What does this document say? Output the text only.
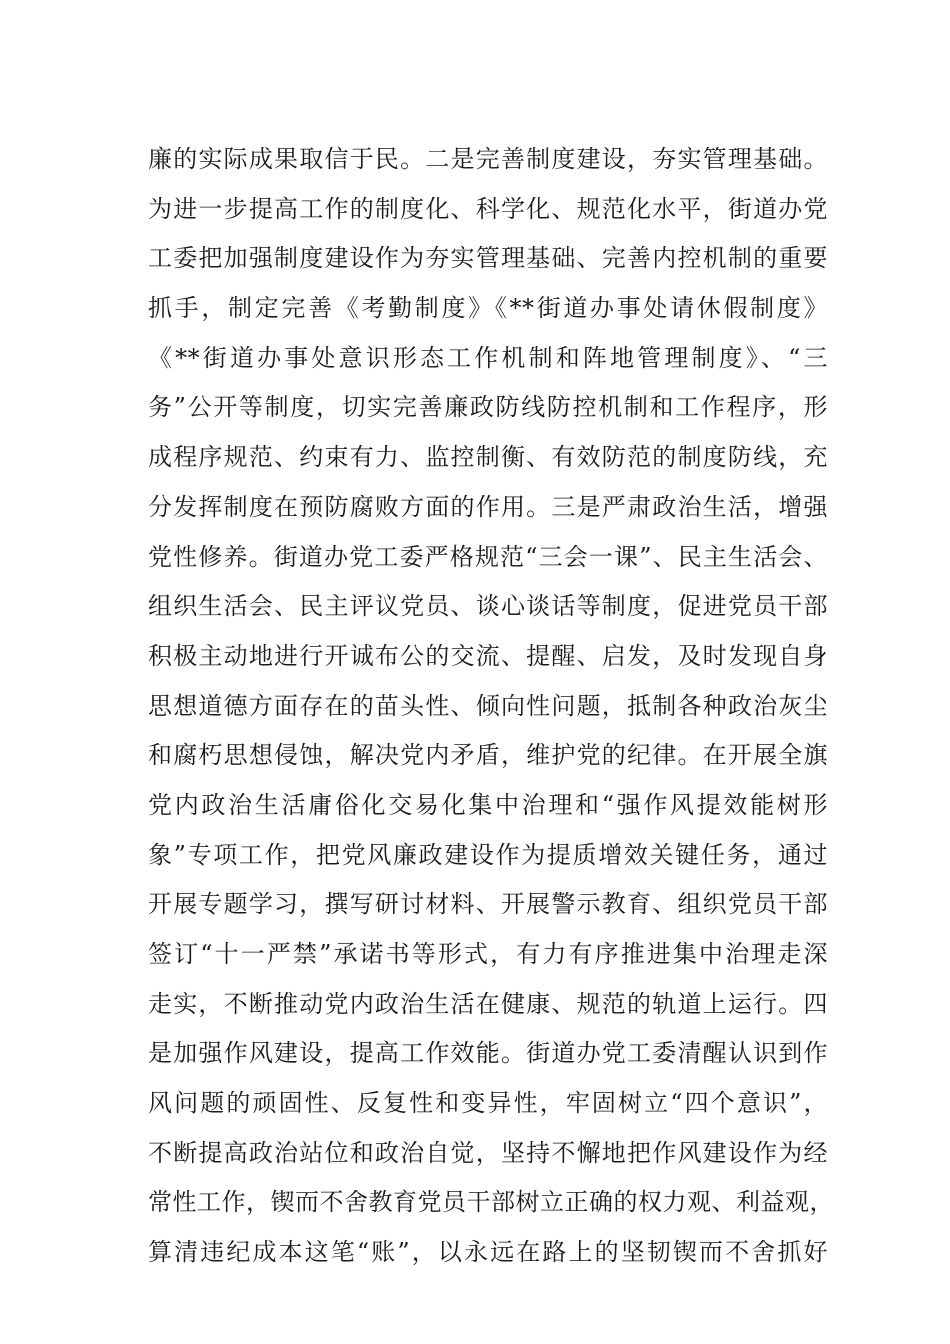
廉的实际成果取信于民。二是完善制度建设，夯实管理基础。
为进一步提高工作的制度化、科学化、规范化水平，街道办党
工委把加强制度建设作为夯实管理基础、完善内控机制的重要
抓手，制定完善《考勤制度》《**街道办事处请休假制度》
《**街道办事处意识形态工作机制和阵地管理制度》、“三
务”公开等制度，切实完善廉政防线防控机制和工作程序，形
成程序规范、约束有力、监控制衡、有效防范的制度防线，充
分发挥制度在预防腐败方面的作用。三是严肃政治生活，增强
党性修养。街道办党工委严格规范“三会一课”、民主生活会、
组织生活会、民主评议党员、谈心谈话等制度，促进党员干部
积极主动地进行开诚布公的交流、提醒、启发，及时发现自身
思想道德方面存在的苗头性、倾向性问题，抵制各种政治灰尘
和腐朽思想侵蚀，解决党内矛盾，维护党的纪律。在开展全旗
党内政治生活庸俗化交易化集中治理和“强作风提效能树形
象”专项工作，把党风廉政建设作为提质增效关键任务，通过
开展专题学习，撰写研讨材料、开展警示教育、组织党员干部
签订“十一严禁”承诺书等形式，有力有序推进集中治理走深
走实，不断推动党内政治生活在健康、规范的轨道上运行。四
是加强作风建设，提高工作效能。街道办党工委清醒认识到作
风问题的顽固性、反复性和变异性，牢固树立“四个意识”，
不断提高政治站位和政治自觉，坚持不懈地把作风建设作为经
常性工作，锲而不舍教育党员干部树立正确的权力观、利益观，
算清违纪成本这笔“账”，以永远在路上的坚韧锲而不舍抓好
